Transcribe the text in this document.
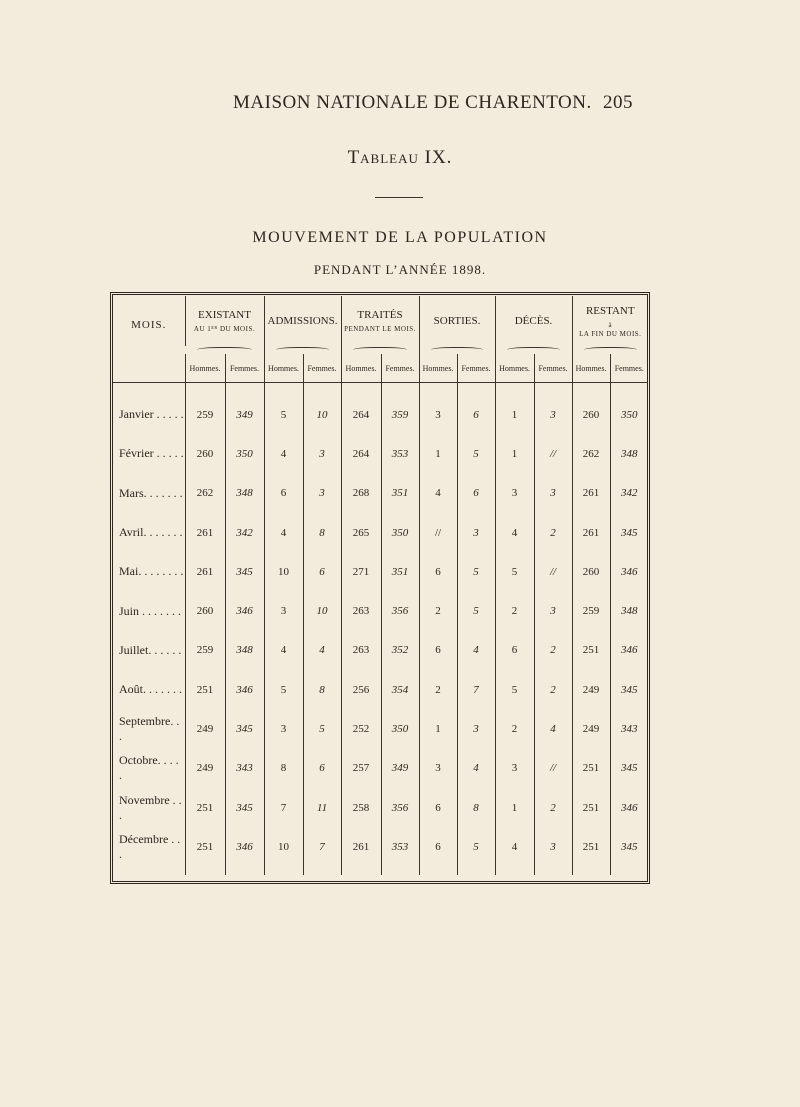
MAISON NATIONALE DE CHARENTON. 205
Tableau IX.
MOUVEMENT DE LA POPULATION
PENDANT L’ANNÉE 1898.
MOIS.	EXISTANT
AU 1ᴱᴿ DU MOIS.		ADMISSIONS.		TRAITÉS
PENDANT LE MOIS.		SORTIES.		DÉCÈS.		RESTANT
à
LA FIN DU MOIS.	

	Hommes.	Femmes.	Hommes.	Femmes.	Hommes.	Femmes.	Hommes.	Femmes.	Hommes.	Femmes.	Hommes.	Femmes.
Janvier . . . . .	259	349	5	10	264	359	3	6	1	3	260	350
Février . . . . .	260	350	4	3	264	353	1	5	1	//	262	348
Mars. . . . . . .	262	348	6	3	268	351	4	6	3	3	261	342
Avril. . . . . . .	261	342	4	8	265	350	//	3	4	2	261	345
Mai. . . . . . . .	261	345	10	6	271	351	6	5	5	//	260	346
Juin . . . . . . .	260	346	3	10	263	356	2	5	2	3	259	348
Juillet. . . . . .	259	348	4	4	263	352	6	4	6	2	251	346
Août. . . . . . .	251	346	5	8	256	354	2	7	5	2	249	345
Septembre. . .	249	345	3	5	252	350	1	3	2	4	249	343
Octobre. . . . .	249	343	8	6	257	349	3	4	3	//	251	345
Novembre . . .	251	345	7	11	258	356	6	8	1	2	251	346
Décembre . . .	251	346	10	7	261	353	6	5	4	3	251	345
